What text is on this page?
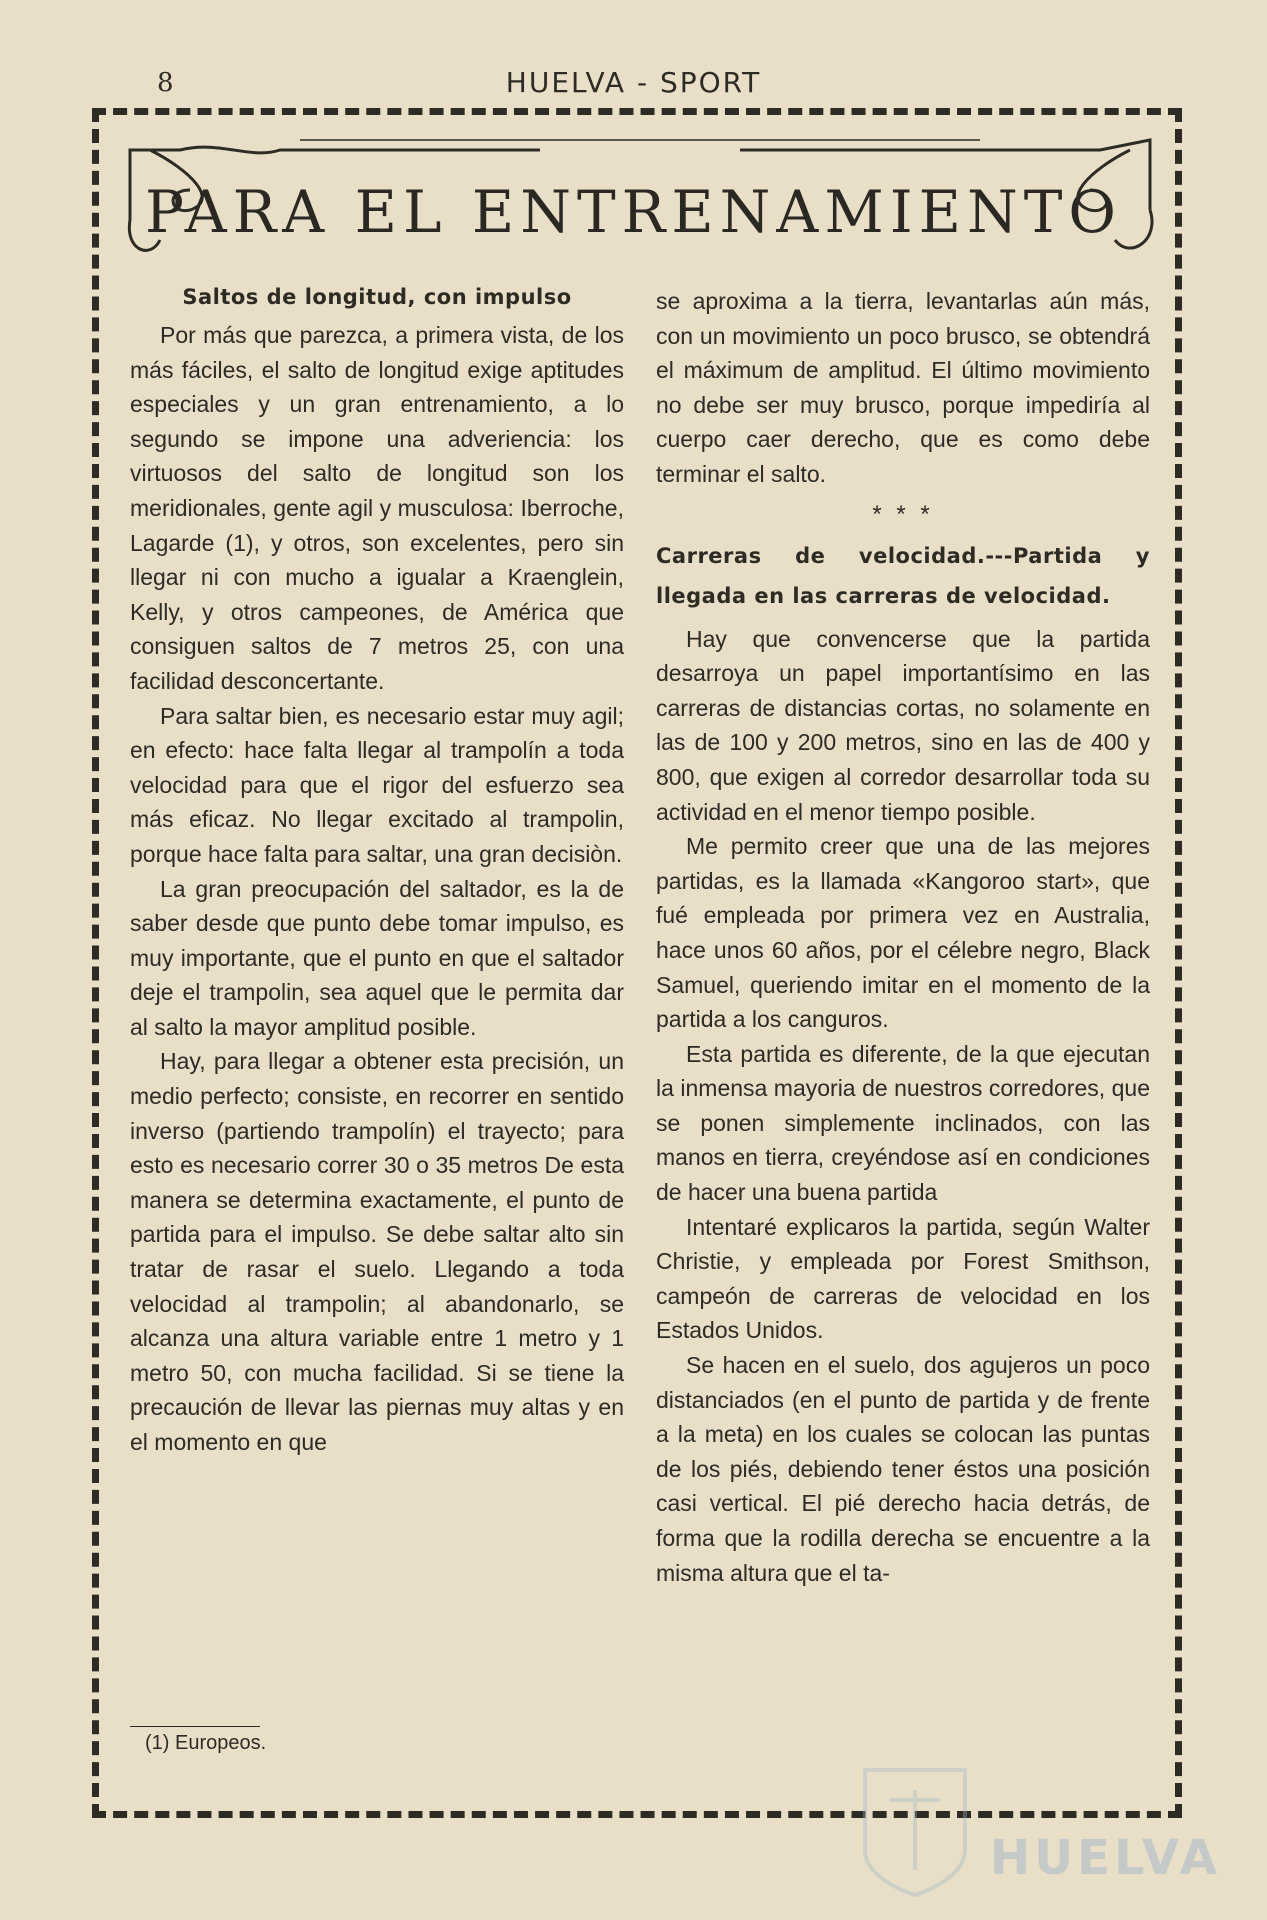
8	HUELVA - SPORT
PARA EL ENTRENAMIENTO
Saltos de longitud, con impulso

Por más que parezca, a primera vista, de los más fáciles, el salto de longitud exige aptitudes especiales y un gran entrenamiento, a lo segundo se impone una adveriencia: los virtuosos del salto de longitud son los meridionales, gente agil y musculosa: Iberroche, Lagarde (1), y otros, son excelentes, pero sin llegar ni con mucho a igualar a Kraenglein, Kelly, y otros campeones, de América que consiguen saltos de 7 metros 25, con una facilidad desconcertante.

Para saltar bien, es necesario estar muy agil; en efecto: hace falta llegar al trampolín a toda velocidad para que el rigor del esfuerzo sea más eficaz. No llegar excitado al trampolin, porque hace falta para saltar, una gran decisiòn.

La gran preocupación del saltador, es la de saber desde que punto debe tomar impulso, es muy importante, que el punto en que el saltador deje el trampolin, sea aquel que le permita dar al salto la mayor amplitud posible.

Hay, para llegar a obtener esta precisión, un medio perfecto; consiste, en recorrer en sentido inverso (partiendo trampolín) el trayecto; para esto es necesario correr 30 o 35 metros De esta manera se determina exactamente, el punto de partida para el impulso. Se debe saltar alto sin tratar de rasar el suelo. Llegando a toda velocidad al trampolin; al abandonarlo, se alcanza una altura variable entre 1 metro y 1 metro 50, con mucha facilidad. Si se tiene la precaución de llevar las piernas muy altas y en el momento en que

se aproxima a la tierra, levantarlas aún más, con un movimiento un poco brusco, se obtendrá el máximum de amplitud. El último movimiento no debe ser muy brusco, porque impediría al cuerpo caer derecho, que es como debe terminar el salto.

* * *
Carreras de velocidad.---Partida y llegada en las carreras de velocidad.

Hay que convencerse que la partida desarroya un papel importantísimo en las carreras de distancias cortas, no solamente en las de 100 y 200 metros, sino en las de 400 y 800, que exigen al corredor desarrollar toda su actividad en el menor tiempo posible.

Me permito creer que una de las mejores partidas, es la llamada «Kangoroo start», que fué empleada por primera vez en Australia, hace unos 60 años, por el célebre negro, Black Samuel, queriendo imitar en el momento de la partida a los canguros.

Esta partida es diferente, de la que ejecutan la inmensa mayoria de nuestros corredores, que se ponen simplemente inclinados, con las manos en tierra, creyéndose así en condiciones de hacer una buena partida

Intentaré explicaros la partida, según Walter Christie, y empleada por Forest Smithson, campeón de carreras de velocidad en los Estados Unidos.

Se hacen en el suelo, dos agujeros un poco distanciados (en el punto de partida y de frente a la meta) en los cuales se colocan las puntas de los piés, debiendo tener éstos una posición casi vertical. El pié derecho hacia detrás, de forma que la rodilla derecha se encuentre a la misma altura que el ta-

(1) Europeos.
HUELVA
